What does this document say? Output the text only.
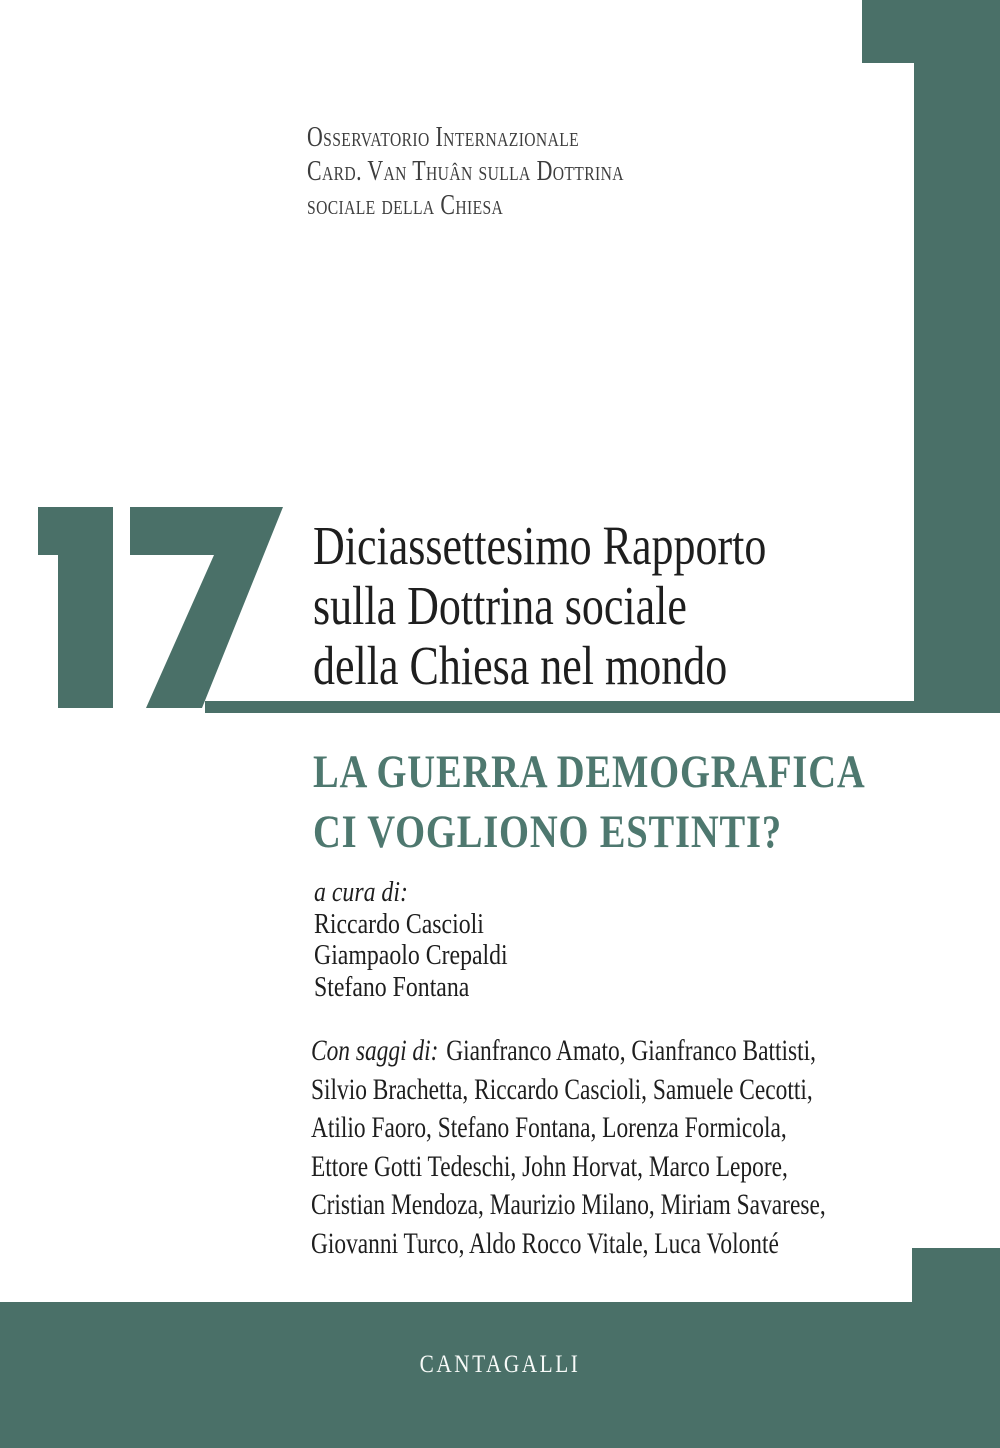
Osservatorio Internazionale
Card. Van Thuân sulla Dottrina
sociale della Chiesa
Diciassettesimo Rapporto
sulla Dottrina sociale
della Chiesa nel mondo
LA GUERRA DEMOGRAFICA
CI VOGLIONO ESTINTI?
a cura di:
Riccardo Cascioli
Giampaolo Crepaldi
Stefano Fontana
Con saggi di: Gianfranco Amato, Gianfranco Battisti,
Silvio Brachetta, Riccardo Cascioli, Samuele Cecotti,
Atilio Faoro, Stefano Fontana, Lorenza Formicola,
Ettore Gotti Tedeschi, John Horvat, Marco Lepore,
Cristian Mendoza, Maurizio Milano, Miriam Savarese,
Giovanni Turco, Aldo Rocco Vitale, Luca Volonté
CANTAGALLI
